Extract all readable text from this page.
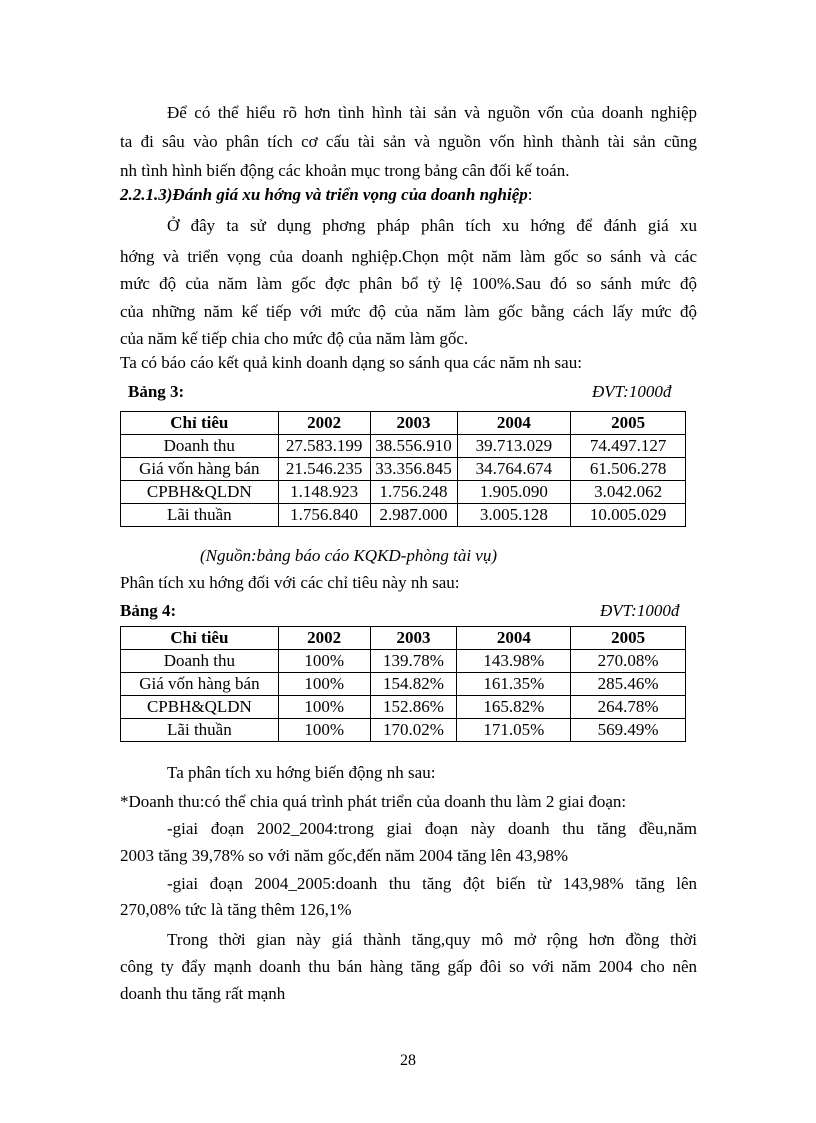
Để có thể hiểu rõ hơn tình hình tài sản và nguồn vốn của doanh nghiệp
ta đi sâu vào phân tích cơ cấu tài sản và nguồn vốn hình thành tài sản cũng
nh tình hình biến động các khoản mục trong bảng cân đối kế toán.
2.2.1.3)Đánh giá xu hớng và triển vọng của doanh nghiệp:
Ở đây ta sử dụng phơng pháp phân tích xu hớng để đánh giá xu
hớng và triển vọng của doanh nghiệp.Chọn một năm làm gốc so sánh và các
mức độ của năm làm gốc đợc phân bổ tỷ lệ 100%.Sau đó so sánh mức độ
của những năm kế tiếp với mức độ của năm làm gốc bằng cách lấy mức độ
của năm kế tiếp chia cho mức độ của năm làm gốc.
Ta có báo cáo kết quả kinh doanh dạng so sánh qua các năm nh sau:
Bảng 3:	ĐVT:1000đ
Chỉ tiêu	2002	2003	2004	2005
Doanh thu	27.583.199	38.556.910	39.713.029	74.497.127
Giá vốn hàng bán	21.546.235	33.356.845	34.764.674	61.506.278
CPBH&QLDN	1.148.923	1.756.248	1.905.090	3.042.062
Lãi thuần	1.756.840	2.987.000	3.005.128	10.005.029
(Nguồn:bảng báo cáo KQKD-phòng tài vụ)
Phân tích xu hớng đối với các chỉ tiêu này nh sau:
Bảng 4:	ĐVT:1000đ
Chỉ tiêu	2002	2003	2004	2005
Doanh thu	100%	139.78%	143.98%	270.08%
Giá vốn hàng bán	100%	154.82%	161.35%	285.46%
CPBH&QLDN	100%	152.86%	165.82%	264.78%
Lãi thuần	100%	170.02%	171.05%	569.49%
Ta phân tích xu hớng biến động nh sau:
*Doanh thu:có thể chia quá trình phát triển của doanh thu làm 2 giai đoạn:
-giai đoạn 2002_2004:trong giai đoạn này doanh thu tăng đều,năm
2003 tăng 39,78% so với năm gốc,đến năm 2004 tăng lên 43,98%
-giai đoạn 2004_2005:doanh thu tăng đột biến từ 143,98% tăng lên
270,08% tức là tăng thêm 126,1%
Trong thời gian này giá thành tăng,quy mô mở rộng hơn đồng thời
công ty đẩy mạnh doanh thu bán hàng tăng gấp đôi so với năm 2004 cho nên
doanh thu tăng rất mạnh
28
